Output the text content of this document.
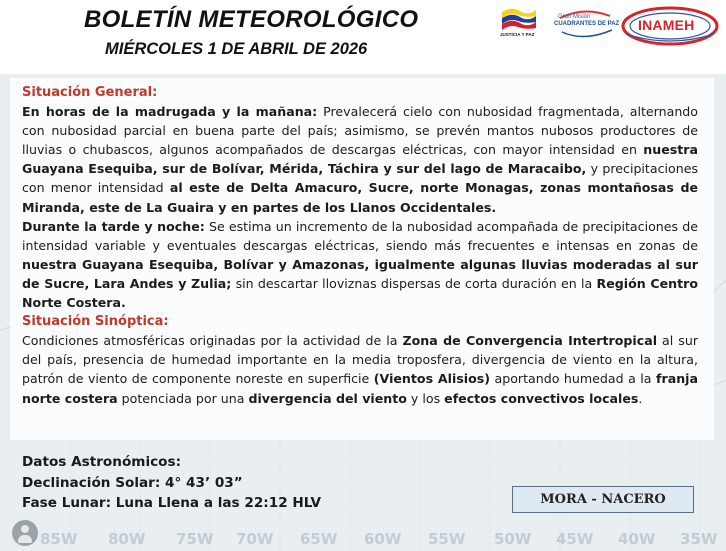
BOLETÍN METEOROLÓGICO
MIÉRCOLES 1 DE ABRIL DE 2026
JUSTICIA Y PAZ
Gran Misión
CUADRANTES DE PAZ INAMEH

Situación General:

En horas de la madrugada y la mañana: Prevalecerá cielo con nubosidad fragmentada, alternando con nubosidad parcial en buena parte del país; asimismo, se prevén mantos nubosos productores de lluvias o chubascos, algunos acompañados de descargas eléctricas, con mayor intensidad en nuestra Guayana Esequiba, sur de Bolívar, Mérida, Táchira y sur del lago de Maracaibo, y precipitaciones con menor intensidad al este de Delta Amacuro, Sucre, norte Monagas, zonas montañosas de Miranda, este de La Guaira y en partes de los Llanos Occidentales.

Durante la tarde y noche: Se estima un incremento de la nubosidad acompañada de precipitaciones de intensidad variable y eventuales descargas eléctricas, siendo más frecuentes e intensas en zonas de nuestra Guayana Esequiba, Bolívar y Amazonas, igualmente algunas lluvias moderadas al sur de Sucre, Lara Andes y Zulia; sin descartar lloviznas dispersas de corta duración en la Región Centro Norte Costera.

Situación Sinóptica:

Condiciones atmosféricas originadas por la actividad de la Zona de Convergencia Intertropical al sur del país, presencia de humedad importante en la media troposfera, divergencia de viento en la altura, patrón de viento de componente noreste en superficie (Vientos Alisios) aportando humedad a la franja norte costera potenciada por una divergencia del viento y los efectos convectivos locales.

Datos Astronómicos:
Declinación Solar: 4° 43’ 03”
Fase Lunar: Luna Llena a las 22:12 HLV	MORA - NACERO
85W 80W 75W 70W 65W 60W 55W 50W 45W 40W 35W
